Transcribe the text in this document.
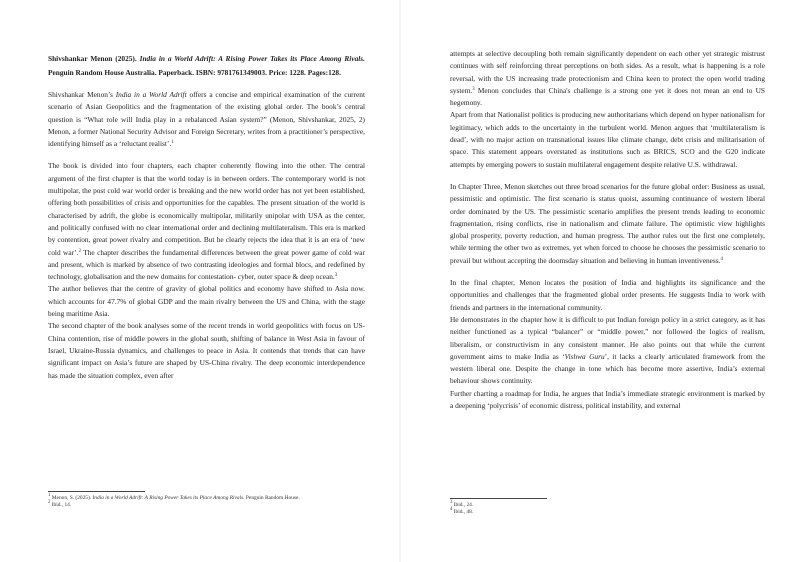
Shivshankar Menon (2025). India in a World Adrift: A Rising Power Takes its Place Among Rivals. Penguin Random House Australia. Paperback. ISBN: 9781761349003. Price: 1228. Pages:128.

Shivshankar Menon’s India in a World Adrift offers a concise and empirical examination of the current scenario of Asian Geopolitics and the fragmentation of the existing global order. The book’s central question is “What role will India play in a rebalanced Asian system?” (Menon, Shivshankar, 2025, 2) Menon, a former National Security Advisor and Foreign Secretary, writes from a practitioner’s perspective, identifying himself as a ‘reluctant realist’.$^1$

The book is divided into four chapters, each chapter coherently flowing into the other. The central argument of the first chapter is that the world today is in between orders. The contemporary world is not multipolar, the post cold war world order is breaking and the new world order has not yet been established, offering both possibilities of crisis and opportunities for the capables. The present situation of the world is characterised by adrift, the globe is economically multipolar, militarily unipolar with USA as the center, and politically confused with no clear international order and declining multilateralism. This era is marked by contention, great power rivalry and competition. But he clearly rejects the idea that it is an era of ‘new cold war’.$^2$ The chapter describes the fundamental differences between the great power game of cold war and present, which is marked by absence of two contrasting ideologies and formal blocs, and redefined by technology, globalisation and the new domains for contestation- cyber, outer space & deep ocean.$^3$

The author believes that the centre of gravity of global politics and economy have shifted to Asia now. which accounts for 47.7% of global GDP and the main rivalry between the US and China, with the stage being maritime Asia.

The second chapter of the book analyses some of the recent trends in world geopolitics with focus on US-China contention, rise of middle powers in the global south, shifting of balance in West Asia in favour of Israel, Ukraine-Russia dynamics, and challenges to peace in Asia. It contends that trends that can have significant impact on Asia’s future are shaped by US-China rivalry. The deep economic interdependence has made the situation complex, even after

$^1$ Menon, S. (2025). India in a World Adrift: A Rising Power Takes its Place Among Rivals. Penguin Random House.
$^2$ Ibid., 14.

attempts at selective decoupling both remain significantly dependent on each other yet strategic mistrust continues with self reinforcing threat perceptions on both sides. As a result, what is happening is a role reversal, with the US increasing trade protectionism and China keen to protect the open world trading system.$^3$ Menon concludes that China's challenge is a strong one yet it does not mean an end to US hegemony.

Apart from that Nationalist politics is producing new authoritarians which depend on hyper nationalism for legitimacy, which adds to the uncertainty in the turbulent world. Menon argues that ‘multilateralism is dead’, with no major action on transnational issues like climate change, debt crisis and militarisation of space. This statement appears overstated as institutions such as BRICS, SCO and the G20 indicate attempts by emerging powers to sustain multilateral engagement despite relative U.S. withdrawal.

In Chapter Three, Menon sketches out three broad scenarios for the future global order: Business as usual, pessimistic and optimistic. The first scenario is status quoist, assuming continuance of western liberal order dominated by the US. The pessimistic scenario amplifies the present trends leading to economic fragmentation, rising conflicts, rise in nationalism and climate failure. The optimistic view highlights global prosperity, poverty reduction, and human progress. The author rules out the first one completely, while terming the other two as extremes, yet when forced to choose he chooses the pessimistic scenario to prevail but without accepting the doomsday situation and believing in human inventiveness.$^4$

In the final chapter, Menon locates the position of India and highlights its significance and the opportunities and challenges that the fragmented global order presents. He suggests India to work with friends and partners in the international community.

He demonstrates in the chapter how it is difficult to put Indian foreign policy in a strict category, as it has neither functioned as a typical “balancer” or “middle power,” nor followed the logics of realism, liberalism, or constructivism in any consistent manner. He also points out that while the current government aims to make India as ‘Vishwa Guru’, it lacks a clearly articulated framework from the western liberal one. Despite the change in tone which has become more assertive, India’s external behaviour shows continuity.

Further charting a roadmap for India, he argues that India’s immediate strategic environment is marked by a deepening ‘polycrisis’ of economic distress, political instability, and external

$^3$ Ibid., 24.
$^4$ Ibid., 48.
